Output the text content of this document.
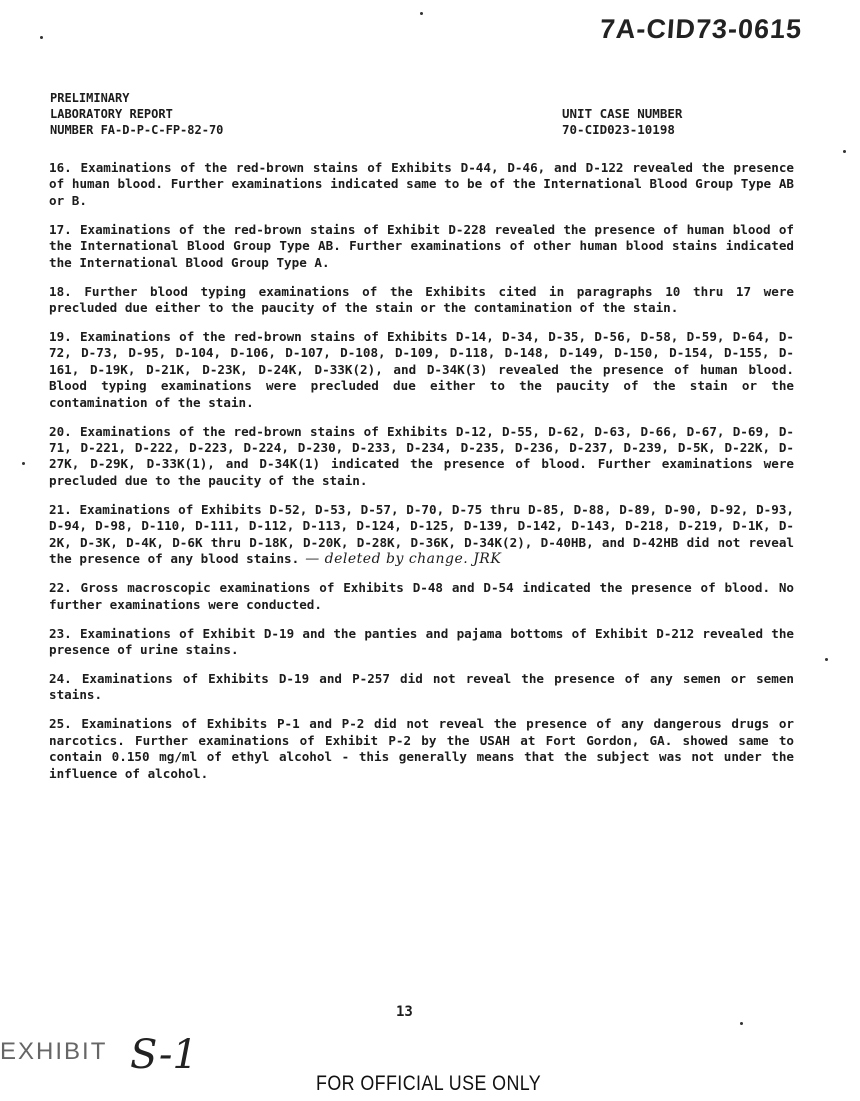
7A-CID73-0615
PRELIMINARY
LABORATORY REPORT
NUMBER FA-D-P-C-FP-82-70
UNIT CASE NUMBER
70-CID023-10198

16. Examinations of the red-brown stains of Exhibits D-44, D-46, and D-122 revealed the presence of human blood. Further examinations indicated same to be of the International Blood Group Type AB or B.

17. Examinations of the red-brown stains of Exhibit D-228 revealed the presence of human blood of the International Blood Group Type AB. Further examinations of other human blood stains indicated the International Blood Group Type A.

18. Further blood typing examinations of the Exhibits cited in paragraphs 10 thru 17 were precluded due either to the paucity of the stain or the contamination of the stain.

19. Examinations of the red-brown stains of Exhibits D-14, D-34, D-35, D-56, D-58, D-59, D-64, D-72, D-73, D-95, D-104, D-106, D-107, D-108, D-109, D-118, D-148, D-149, D-150, D-154, D-155, D-161, D-19K, D-21K, D-23K, D-24K, D-33K(2), and D-34K(3) revealed the presence of human blood. Blood typing examinations were precluded due either to the paucity of the stain or the contamination of the stain.

20. Examinations of the red-brown stains of Exhibits D-12, D-55, D-62, D-63, D-66, D-67, D-69, D-71, D-221, D-222, D-223, D-224, D-230, D-233, D-234, D-235, D-236, D-237, D-239, D-5K, D-22K, D-27K, D-29K, D-33K(1), and D-34K(1) indicated the presence of blood. Further examinations were precluded due to the paucity of the stain.

21. Examinations of Exhibits D-52, D-53, D-57, D-70, D-75 thru D-85, D-88, D-89, D-90, D-92, D-93, D-94, D-98, D-110, D-111, D-112, D-113, D-124, D-125, D-139, D-142, D-143, D-218, D-219, D-1K, D-2K, D-3K, D-4K, D-6K thru D-18K, D-20K, D-28K, D-36K, D-34K(2), D-40HB, and D-42HB did not reveal the presence of any blood stains. — deleted by change. JRK

22. Gross macroscopic examinations of Exhibits D-48 and D-54 indicated the presence of blood. No further examinations were conducted.

23. Examinations of Exhibit D-19 and the panties and pajama bottoms of Exhibit D-212 revealed the presence of urine stains.

24. Examinations of Exhibits D-19 and P-257 did not reveal the presence of any semen or semen stains.

25. Examinations of Exhibits P-1 and P-2 did not reveal the presence of any dangerous drugs or narcotics. Further examinations of Exhibit P-2 by the USAH at Fort Gordon, GA. showed same to contain 0.150 mg/ml of ethyl alcohol - this generally means that the subject was not under the influence of alcohol.

13
EXHIBIT S-1
FOR OFFICIAL USE ONLY
